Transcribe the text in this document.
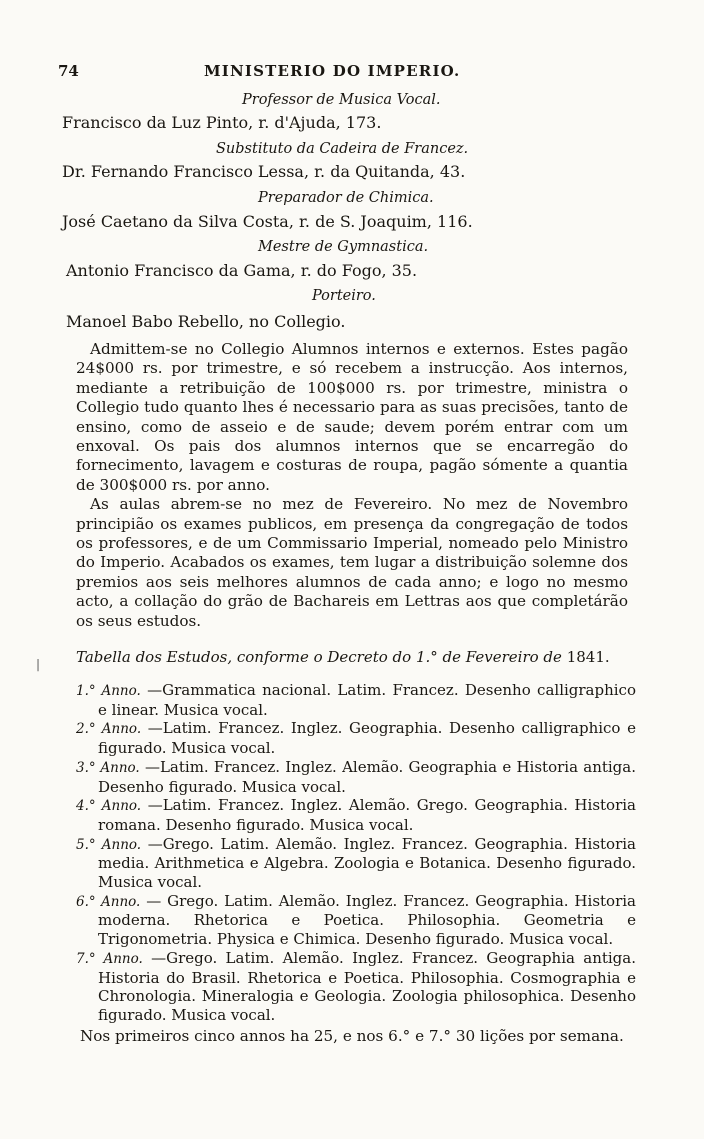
74	MINISTERIO DO IMPERIO.
Professor de Musica Vocal.
Francisco da Luz Pinto, r. d'Ajuda, 173.
Substituto da Cadeira de Francez.
Dr. Fernando Francisco Lessa, r. da Quitanda, 43.
Preparador de Chimica.
José Caetano da Silva Costa, r. de S. Joaquim, 116.
Mestre de Gymnastica.
Antonio Francisco da Gama, r. do Fogo, 35.
Porteiro.
Manoel Babo Rebello, no Collegio.

Admittem-se no Collegio Alumnos internos e externos. Estes pagão 24$000 rs. por trimestre, e só recebem a instrucção. Aos internos, mediante a retribuição de 100$000 rs. por trimestre, ministra o Collegio tudo quanto lhes é necessario para as suas precisões, tanto de ensino, como de asseio e de saude; devem porém entrar com um enxoval. Os pais dos alumnos internos que se encarregão do fornecimento, lavagem e costuras de roupa, pagão sómente a quantia de 300$000 rs. por anno.

As aulas abrem-se no mez de Fevereiro. No mez de Novembro principião os exames publicos, em presença da congregação de todos os professores, e de um Commissario Imperial, nomeado pelo Ministro do Imperio. Acabados os exames, tem lugar a distribuição solemne dos premios aos seis melhores alumnos de cada anno; e logo no mesmo acto, a collação do grão de Bachareis em Lettras aos que completárão os seus estudos.

| Tabella dos Estudos, conforme o Decreto do 1.° de Fevereiro de 1841.
1.° Anno. —Grammatica nacional. Latim. Francez. Desenho calligraphico e linear. Musica vocal.
2.° Anno. —Latim. Francez. Inglez. Geographia. Desenho calligraphico e figurado. Musica vocal.
3.° Anno. —Latim. Francez. Inglez. Alemão. Geographia e Historia antiga. Desenho figurado. Musica vocal.
4.° Anno. —Latim. Francez. Inglez. Alemão. Grego. Geographia. Historia romana. Desenho figurado. Musica vocal.
5.° Anno. —Grego. Latim. Alemão. Inglez. Francez. Geographia. Historia media. Arithmetica e Algebra. Zoologia e Botanica. Desenho figurado. Musica vocal.
6.° Anno. — Grego. Latim. Alemão. Inglez. Francez. Geographia. Historia moderna. Rhetorica e Poetica. Philosophia. Geometria e Trigonometria. Physica e Chimica. Desenho figurado. Musica vocal.
7.° Anno. —Grego. Latim. Alemão. Inglez. Francez. Geographia antiga. Historia do Brasil. Rhetorica e Poetica. Philosophia. Cosmographia e Chronologia. Mineralogia e Geologia. Zoologia philosophica. Desenho figurado. Musica vocal.
Nos primeiros cinco annos ha 25, e nos 6.° e 7.° 30 lições por semana.
